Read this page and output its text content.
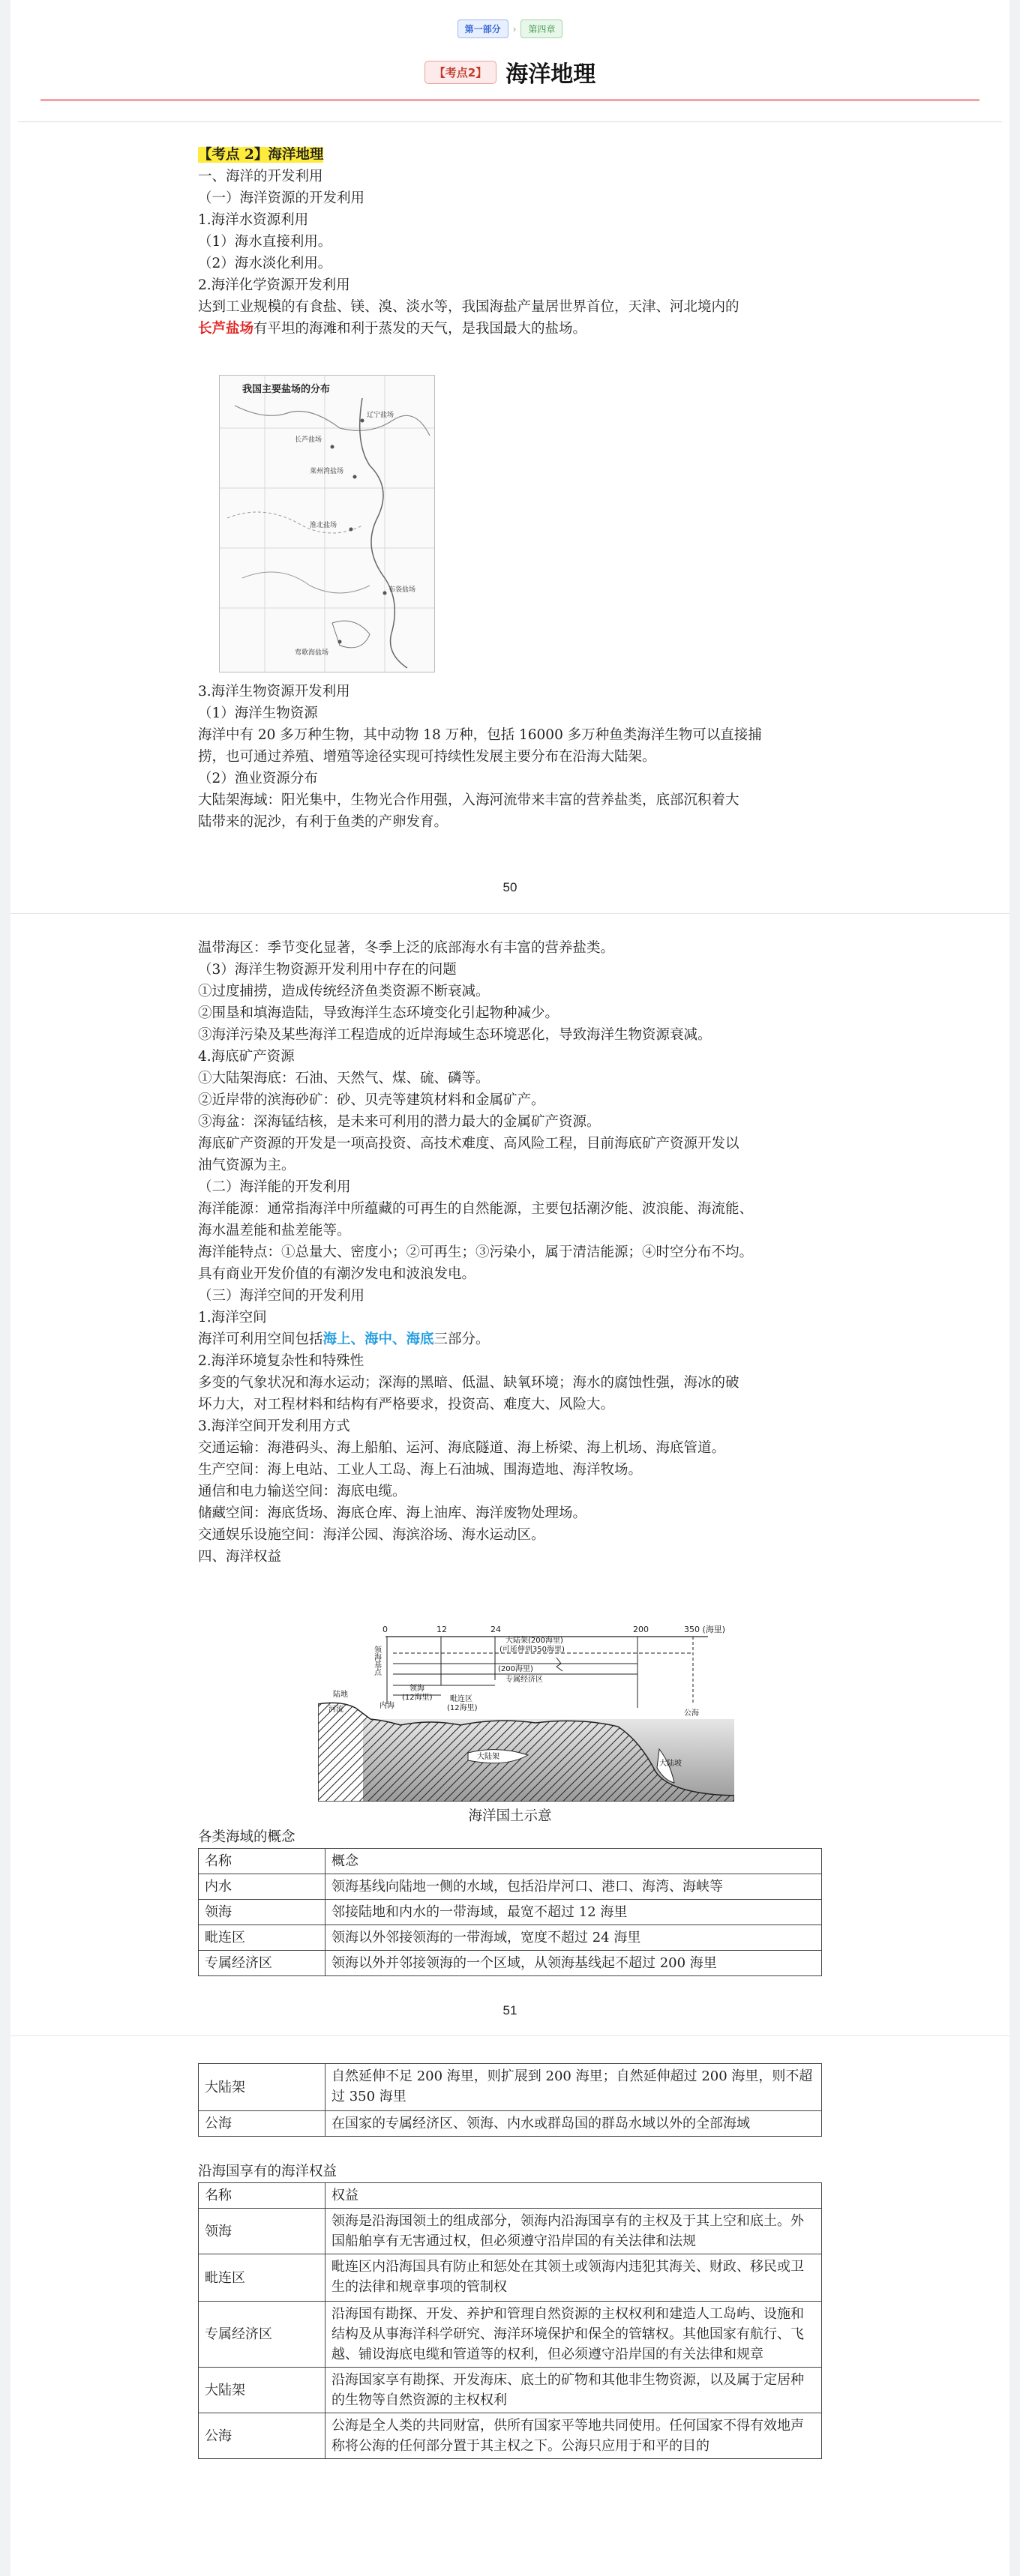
第一部分 › 第四章
【考点2】 海洋地理
【考点 2】海洋地理
一、海洋的开发利用
（一）海洋资源的开发利用
1.海洋水资源利用
（1）海水直接利用。
（2）海水淡化利用。
2.海洋化学资源开发利用
达到工业规模的有食盐、镁、溴、淡水等，我国海盐产量居世界首位，天津、河北境内的
长芦盐场有平坦的海滩和利于蒸发的天气，是我国最大的盐场。
我国主要盐场的分布
长芦盐场
辽宁盐场
莱州湾盐场
淮北盐场
布袋盐场
莺歌海盐场
3.海洋生物资源开发利用
（1）海洋生物资源
海洋中有 20 多万种生物，其中动物 18 万种，包括 16000 多万种鱼类海洋生物可以直接捕
捞，也可通过养殖、增殖等途径实现可持续性发展主要分布在沿海大陆架。
（2）渔业资源分布
大陆架海域：阳光集中，生物光合作用强，入海河流带来丰富的营养盐类，底部沉积着大
陆带来的泥沙，有利于鱼类的产卵发育。
50
温带海区：季节变化显著，冬季上泛的底部海水有丰富的营养盐类。
（3）海洋生物资源开发利用中存在的问题
①过度捕捞，造成传统经济鱼类资源不断衰减。
②围垦和填海造陆，导致海洋生态环境变化引起物种减少。
③海洋污染及某些海洋工程造成的近岸海域生态环境恶化，导致海洋生物资源衰减。
4.海底矿产资源
①大陆架海底：石油、天然气、煤、硫、磷等。
②近岸带的滨海砂矿：砂、贝壳等建筑材料和金属矿产。
③海盆：深海锰结核，是未来可利用的潜力最大的金属矿产资源。
海底矿产资源的开发是一项高投资、高技术难度、高风险工程，目前海底矿产资源开发以
油气资源为主。
（二）海洋能的开发利用
海洋能源：通常指海洋中所蕴藏的可再生的自然能源，主要包括潮汐能、波浪能、海流能、
海水温差能和盐差能等。
海洋能特点：①总量大、密度小；②可再生；③污染小，属于清洁能源；④时空分布不均。
具有商业开发价值的有潮汐发电和波浪发电。
（三）海洋空间的开发利用
1.海洋空间
海洋可利用空间包括海上、海中、海底三部分。
2.海洋环境复杂性和特殊性
多变的气象状况和海水运动；深海的黑暗、低温、缺氧环境；海水的腐蚀性强，海冰的破
坏力大，对工程材料和结构有严格要求，投资高、难度大、风险大。
3.海洋空间开发利用方式
交通运输：海港码头、海上船舶、运河、海底隧道、海上桥梁、海上机场、海底管道。
生产空间：海上电站、工业人工岛、海上石油城、围海造地、海洋牧场。
通信和电力输送空间：海底电缆。
储藏空间：海底货场、海底仓库、海上油库、海洋废物处理场。
交通娱乐设施空间：海洋公园、海滨浴场、海水运动区。
四、海洋权益
0	12	24	200	350 (海里)
大陆架(200海里)
(可延伸到350海里)
(200海里)
专属经济区
毗连区
(12海里)
领海
(12海里)
内海
陆地
公海
领海基点
大陆架
大陆坡
海洋国土示意
各类海域的概念
名称	概念
内水	领海基线向陆地一侧的水域，包括沿岸河口、港口、海湾、海峡等
领海	邻接陆地和内水的一带海域，最宽不超过 12 海里
毗连区	领海以外邻接领海的一带海域，宽度不超过 24 海里
专属经济区	领海以外并邻接领海的一个区域，从领海基线起不超过 200 海里
51
大陆架	自然延伸不足 200 海里，则扩展到 200 海里；自然延伸超过 200 海里，则不超过 350 海里

公海	在国家的专属经济区、领海、内水或群岛国的群岛水域以外的全部海域
沿海国享有的海洋权益
名称	权益
领海	领海是沿海国领土的组成部分，领海内沿海国享有的主权及于其上空和底土。外国船舶享有无害通过权，但必须遵守沿岸国的有关法律和法规
毗连区	毗连区内沿海国具有防止和惩处在其领土或领海内违犯其海关、财政、移民或卫生的法律和规章事项的管制权

专属经济区	沿海国有勘探、开发、养护和管理自然资源的主权权利和建造人工岛屿、设施和结构及从事海洋科学研究、海洋环境保护和保全的管辖权。其他国家有航行、飞越、铺设海底电缆和管道等的权利，但必须遵守沿岸国的有关法律和规章
大陆架	沿海国家享有勘探、开发海床、底土的矿物和其他非生物资源，以及属于定居种的生物等自然资源的主权权利
公海	公海是全人类的共同财富，供所有国家平等地共同使用。任何国家不得有效地声称将公海的任何部分置于其主权之下。公海只应用于和平的目的
